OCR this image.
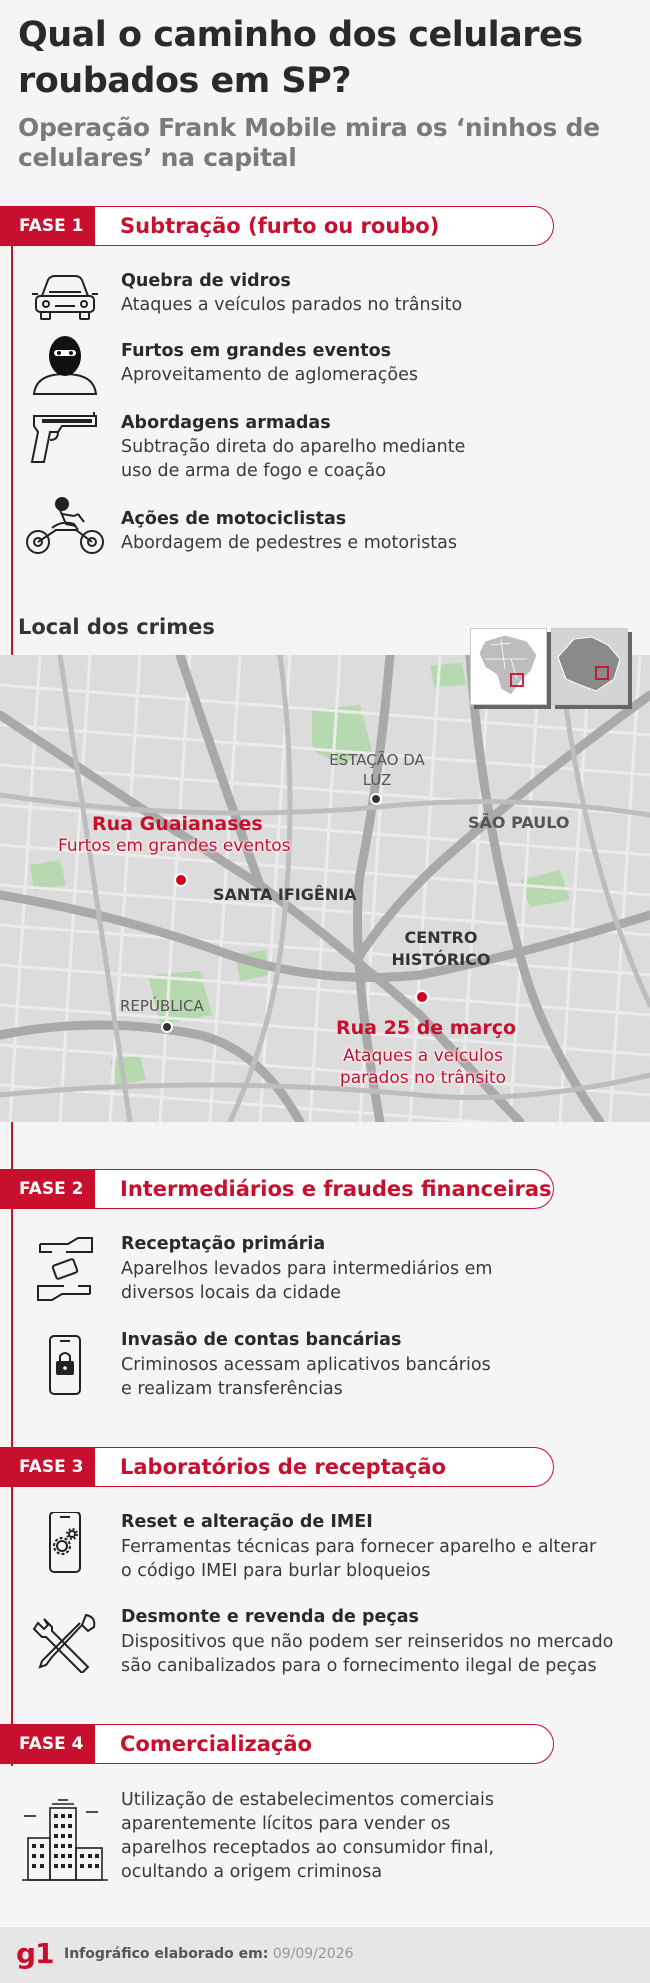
Qual o caminho dos celulares roubados em SP?
Operação Frank Mobile mira os ‘ninhos de celulares’ na capital
FASE 1	Subtração (furto ou roubo)
Quebra de vidros
Ataques a veículos parados no trânsito
Furtos em grandes eventos
Aproveitamento de aglomerações
Abordagens armadas
Subtração direta do aparelho mediante
uso de arma de fogo e coação
Ações de motociclistas
Abordagem de pedestres e motoristas
Local dos crimes
ESTAÇÃO DA
LUZ
SÃO PAULO
SANTA IFIGÊNIA
CENTRO
HISTÓRICO
REPÚBLICA
Rua Guaianases
Furtos em grandes eventos
Rua 25 de março
Ataques a veículos
parados no trânsito
FASE 2	Intermediários e fraudes financeiras
Receptação primária
Aparelhos levados para intermediários em
diversos locais da cidade
Invasão de contas bancárias
Criminosos acessam aplicativos bancários
e realizam transferências
FASE 3	Laboratórios de receptação
Reset e alteração de IMEI
Ferramentas técnicas para fornecer aparelho e alterar
o código IMEI para burlar bloqueios
Desmonte e revenda de peças
Dispositivos que não podem ser reinseridos no mercado
são canibalizados para o fornecimento ilegal de peças
FASE 4	Comercialização
Utilização de estabelecimentos comerciais
aparentemente lícitos para vender os
aparelhos receptados ao consumidor final,
ocultando a origem criminosa
g1 Infográfico elaborado em: 09/09/2026
